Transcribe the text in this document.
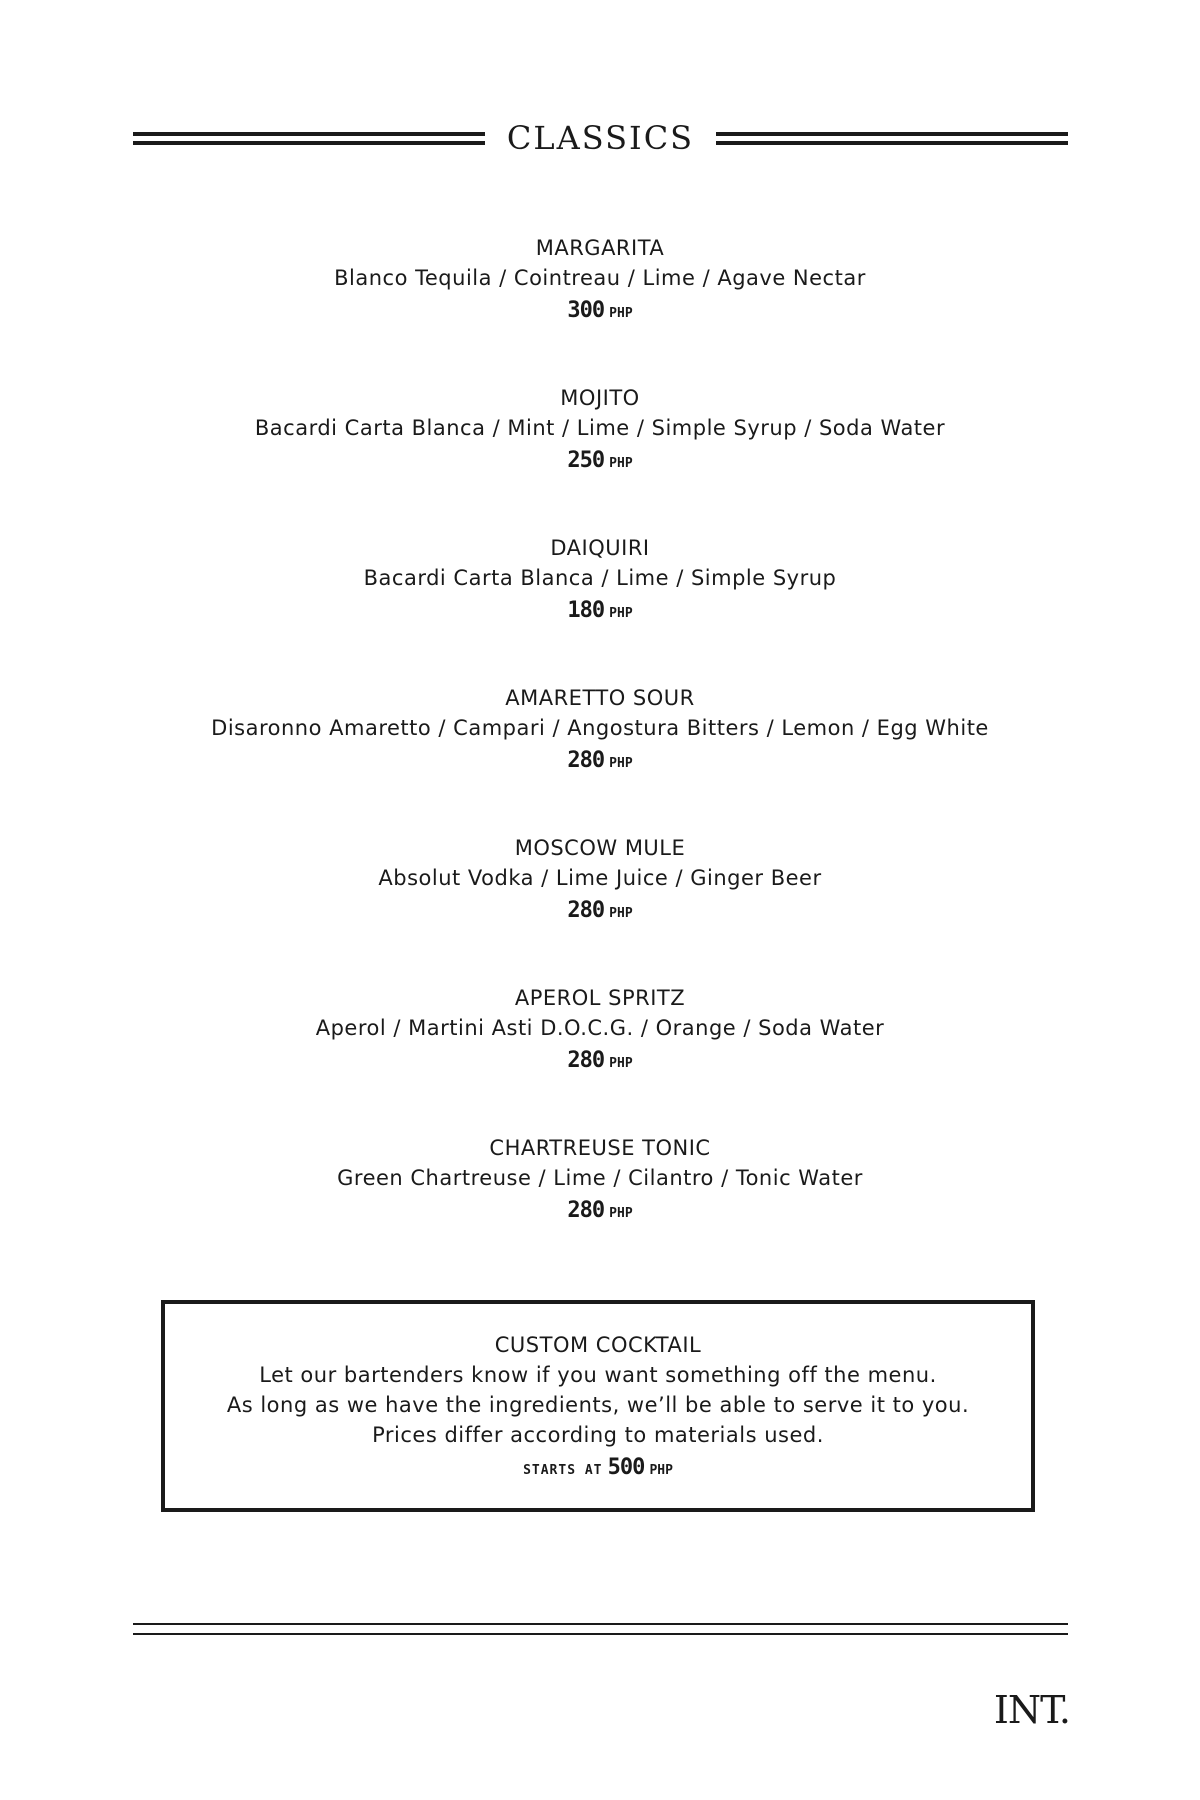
CLASSICS
MARGARITA
Blanco Tequila / Cointreau / Lime / Agave Nectar
300 PHP
MOJITO
Bacardi Carta Blanca / Mint / Lime / Simple Syrup / Soda Water
250 PHP
DAIQUIRI
Bacardi Carta Blanca / Lime / Simple Syrup
180 PHP
AMARETTO SOUR
Disaronno Amaretto / Campari / Angostura Bitters / Lemon / Egg White
280 PHP
MOSCOW MULE
Absolut Vodka / Lime Juice / Ginger Beer
280 PHP
APEROL SPRITZ
Aperol / Martini Asti D.O.C.G. / Orange / Soda Water
280 PHP
CHARTREUSE TONIC
Green Chartreuse / Lime / Cilantro / Tonic Water
280 PHP
CUSTOM COCKTAIL
Let our bartenders know if you want something off the menu.
As long as we have the ingredients, we’ll be able to serve it to you.
Prices differ according to materials used.
STARTS AT 500 PHP
INT.
